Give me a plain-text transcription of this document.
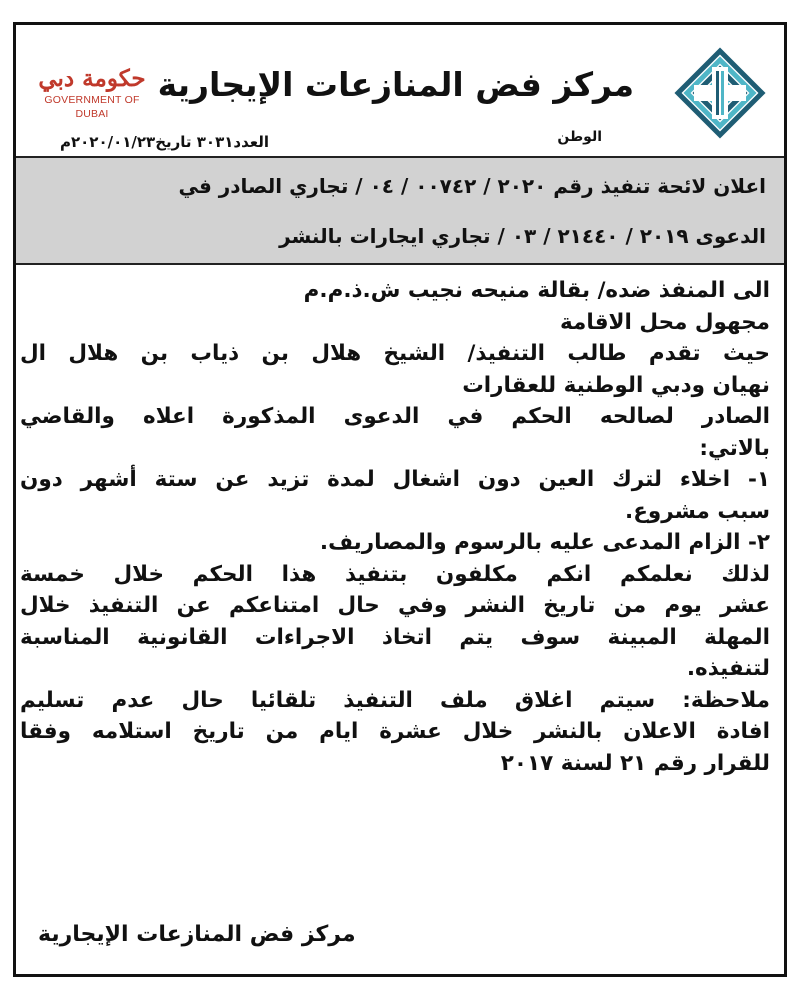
حكومة دبي
GOVERNMENT OF DUBAI
مركز فض المنازعات الإيجارية
الوطن
العدد٣٠٣١ تاريخ٢٠٢٠/٠١/٢٣م
اعلان لائحة تنفيذ رقم ٢٠٢٠ / ٠٠٧٤٢ / ٠٤ / تجاري الصادر في
الدعوى ٢٠١٩ / ٢١٤٤٠ / ٠٣ / تجاري ايجارات بالنشر
الى المنفذ ضده/ بقالة منيحه نجيب ش.ذ.م.م
مجهول محل الاقامة
حيث تقدم طالب التنفيذ/ الشيخ هلال بن ذياب بن هلال ال
نهيان ودبي الوطنية للعقارات
الصادر لصالحه الحكم في الدعوى المذكورة اعلاه والقاضي
بالاتي:
١- اخلاء لترك العين دون اشغال لمدة تزيد عن ستة أشهر دون
سبب مشروع.
٢- الزام المدعى عليه بالرسوم والمصاريف.
لذلك نعلمكم انكم مكلفون بتنفيذ هذا الحكم خلال خمسة
عشر يوم من تاريخ النشر وفي حال امتناعكم عن التنفيذ خلال
المهلة المبينة سوف يتم اتخاذ الاجراءات القانونية المناسبة
لتنفيذه.
ملاحظة: سيتم اغلاق ملف التنفيذ تلقائيا حال عدم تسليم
افادة الاعلان بالنشر خلال عشرة ايام من تاريخ استلامه وفقا
للقرار رقم ٢١ لسنة ٢٠١٧
مركز فض المنازعات الإيجارية
